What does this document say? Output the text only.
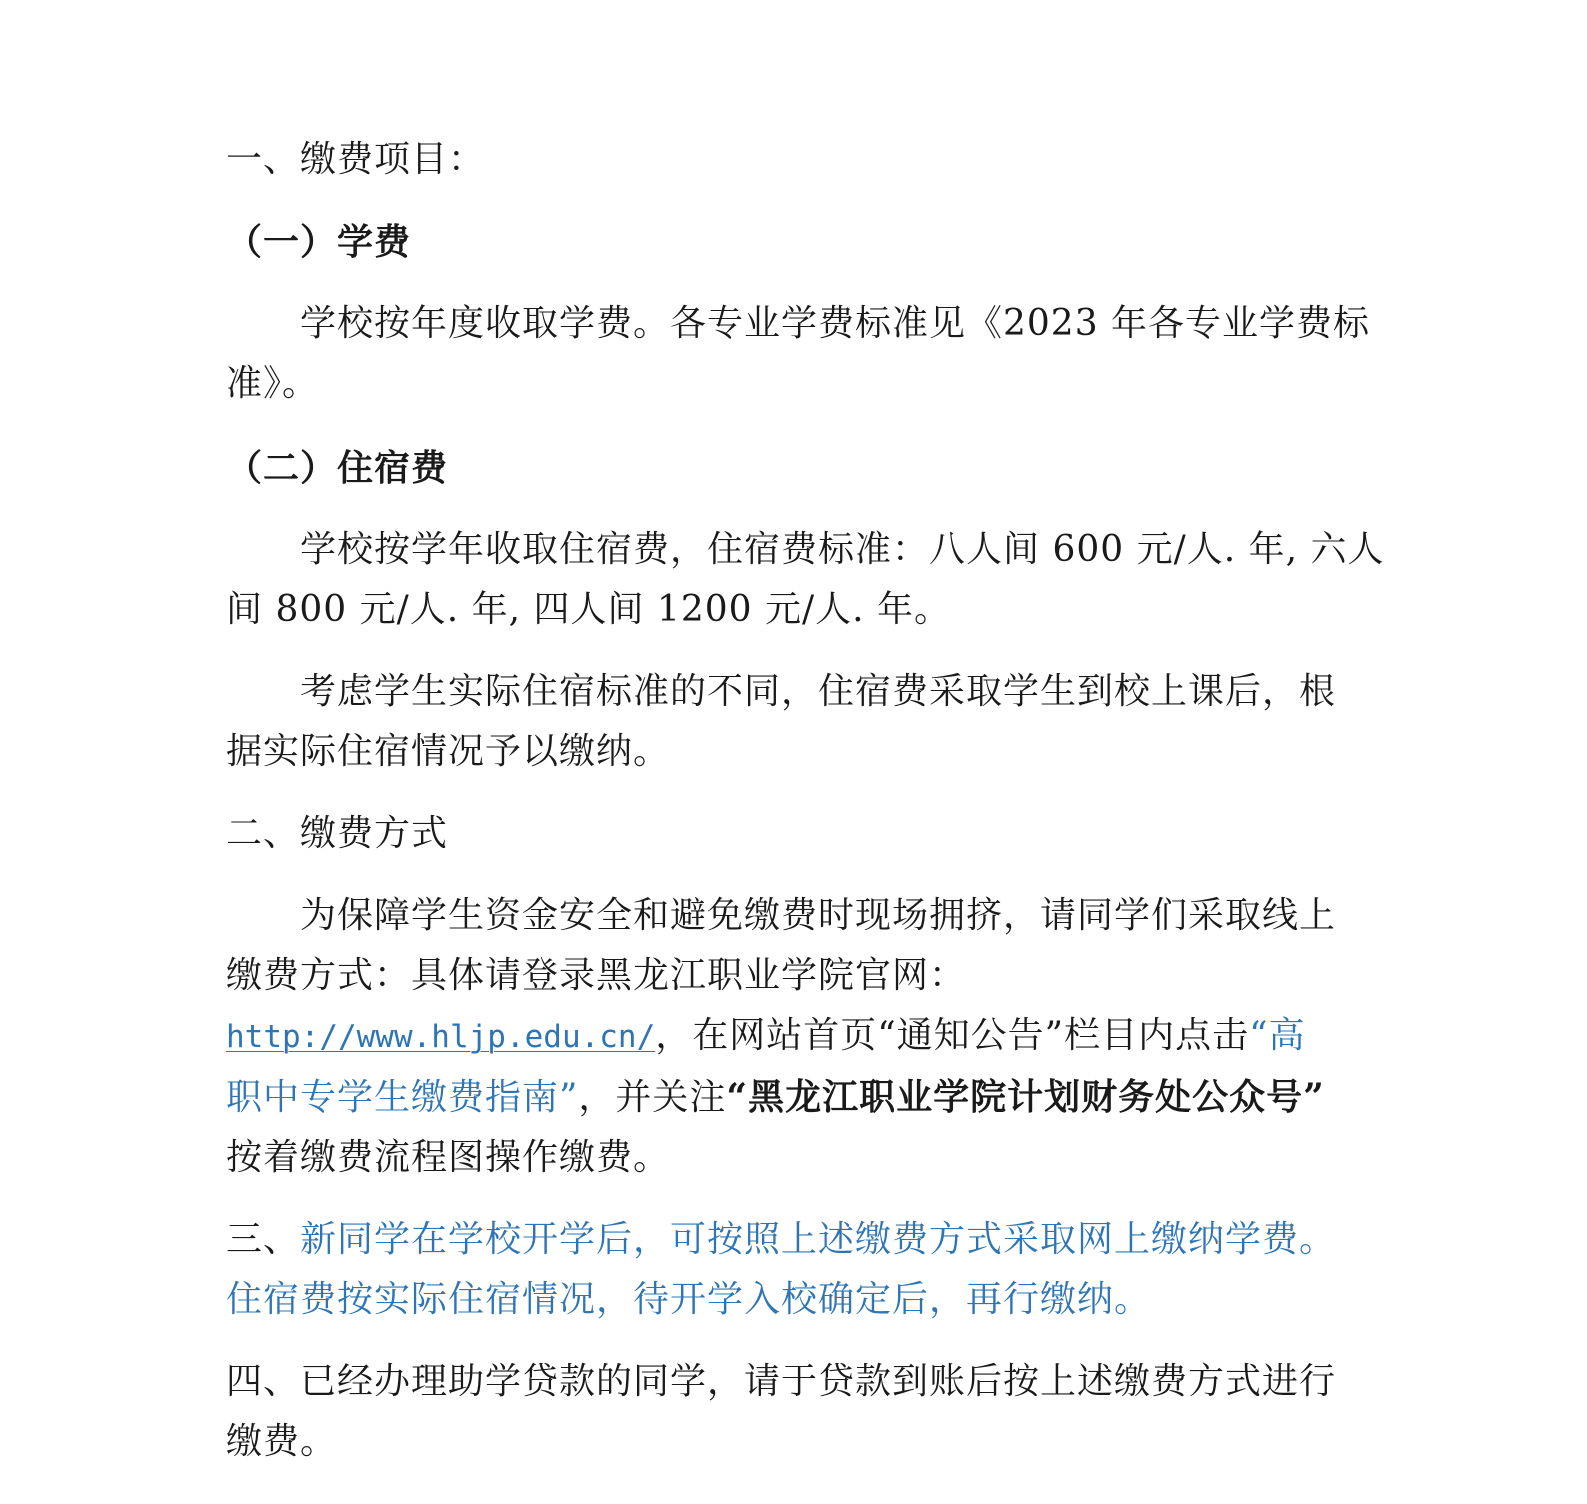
一、缴费项目：
（一）学费
学校按年度收取学费。各专业学费标准见《2023 年各专业学费标
准》。
（二）住宿费
学校按学年收取住宿费，住宿费标准：八人间 600 元/人. 年, 六人
间 800 元/人. 年, 四人间 1200 元/人. 年。
考虑学生实际住宿标准的不同，住宿费采取学生到校上课后，根
据实际住宿情况予以缴纳。
二、缴费方式
为保障学生资金安全和避免缴费时现场拥挤，请同学们采取线上
缴费方式：具体请登录黑龙江职业学院官网：
http://www.hljp.edu.cn/，在网站首页“通知公告”栏目内点击“高
职中专学生缴费指南”，并关注“黑龙江职业学院计划财务处公众号”
按着缴费流程图操作缴费。
三、新同学在学校开学后，可按照上述缴费方式采取网上缴纳学费。
住宿费按实际住宿情况，待开学入校确定后，再行缴纳。
四、已经办理助学贷款的同学，请于贷款到账后按上述缴费方式进行
缴费。
